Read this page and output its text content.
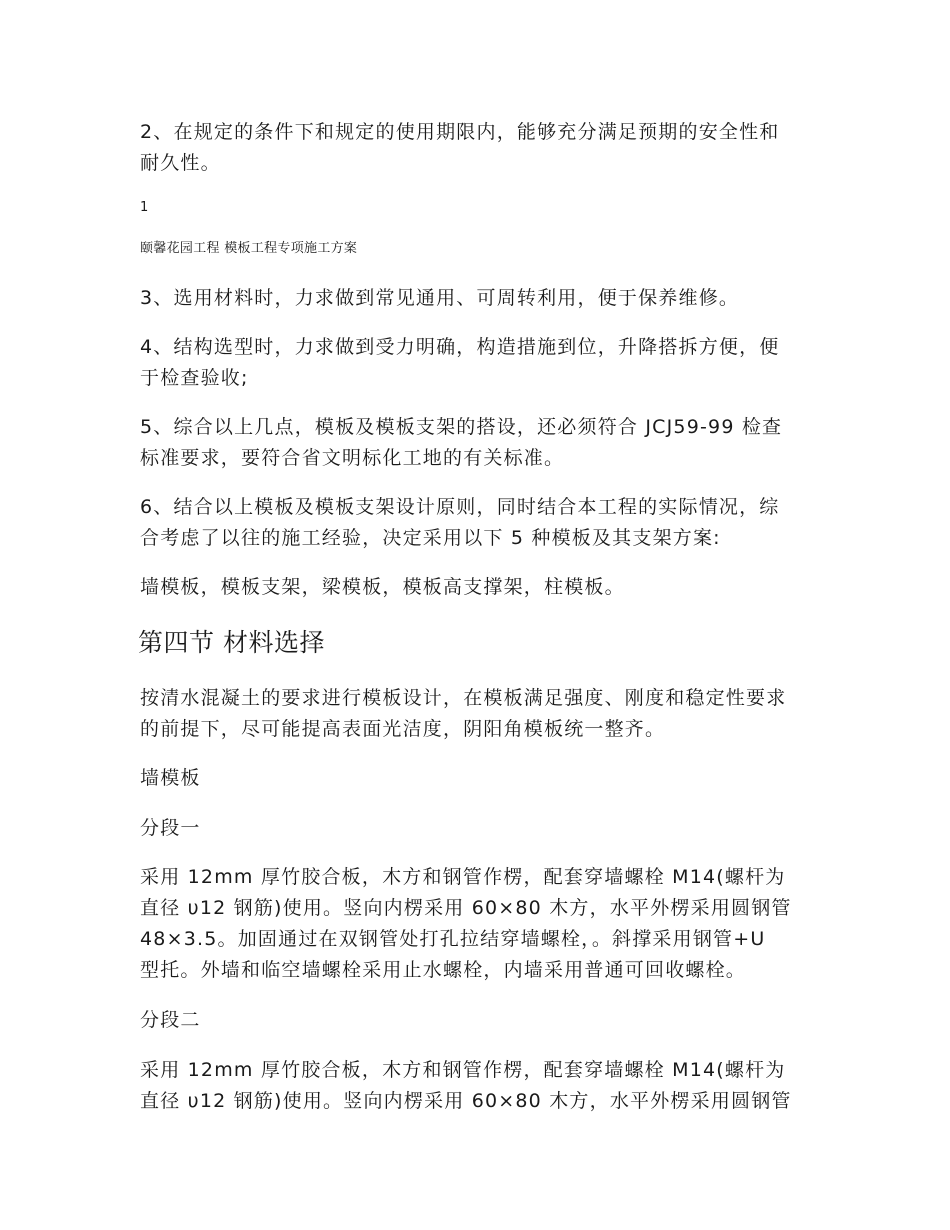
2、在规定的条件下和规定的使用期限内，能够充分满足预期的安全性和

耐久性。

1

颐馨花园工程 模板工程专项施工方案

3、选用材料时，力求做到常见通用、可周转利用，便于保养维修。

4、结构选型时，力求做到受力明确，构造措施到位，升降搭拆方便，便

于检查验收;

5、综合以上几点，模板及模板支架的搭设，还必须符合 JCJ59-99 检查

标准要求，要符合省文明标化工地的有关标准。

6、结合以上模板及模板支架设计原则，同时结合本工程的实际情况，综

合考虑了以往的施工经验，决定采用以下 5 种模板及其支架方案:

墙模板，模板支架，梁模板，模板高支撑架，柱模板。

第四节 材料选择

按清水混凝土的要求进行模板设计，在模板满足强度、刚度和稳定性要求

的前提下，尽可能提高表面光洁度，阴阳角模板统一整齐。

墙模板

分段一

采用 12mm 厚竹胶合板，木方和钢管作楞，配套穿墙螺栓 M14(螺杆为

直径 υ12 钢筋)使用。竖向内楞采用 60×80 木方，水平外楞采用圆钢管

48×3.5。加固通过在双钢管处打孔拉结穿墙螺栓，。斜撑采用钢管+U

型托。外墙和临空墙螺栓采用止水螺栓，内墙采用普通可回收螺栓。

分段二

采用 12mm 厚竹胶合板，木方和钢管作楞，配套穿墙螺栓 M14(螺杆为

直径 υ12 钢筋)使用。竖向内楞采用 60×80 木方，水平外楞采用圆钢管
